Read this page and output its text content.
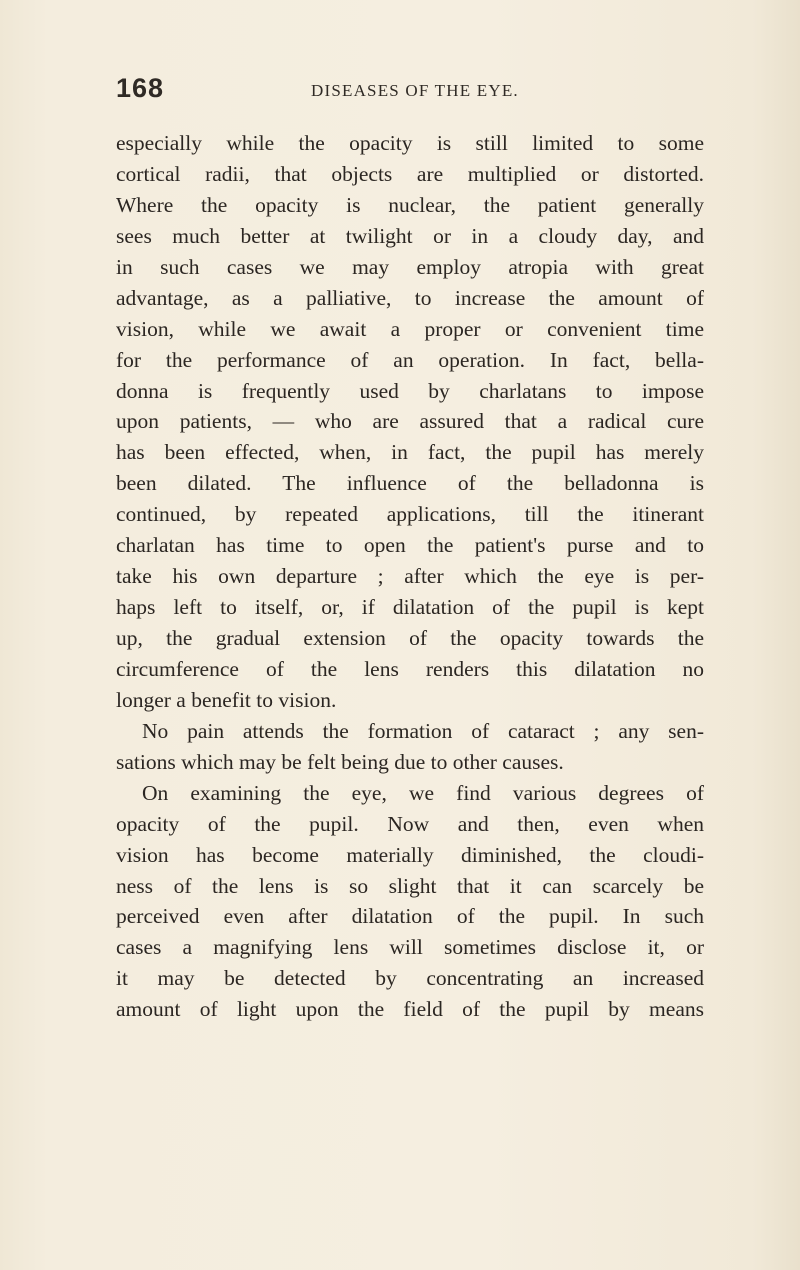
168	DISEASES OF THE EYE.
especially while the opacity is still limited to some
cortical radii, that objects are multiplied or distorted.
Where the opacity is nuclear, the patient generally
sees much better at twilight or in a cloudy day, and
in such cases we may employ atropia with great
advantage, as a palliative, to increase the amount of
vision, while we await a proper or convenient time
for the performance of an operation. In fact, bella-
donna is frequently used by charlatans to impose
upon patients, — who are assured that a radical cure
has been effected, when, in fact, the pupil has merely
been dilated. The influence of the belladonna is
continued, by repeated applications, till the itinerant
charlatan has time to open the patient's purse and to
take his own departure ; after which the eye is per-
haps left to itself, or, if dilatation of the pupil is kept
up, the gradual extension of the opacity towards the
circumference of the lens renders this dilatation no
longer a benefit to vision.
No pain attends the formation of cataract ; any sen-
sations which may be felt being due to other causes.
On examining the eye, we find various degrees of
opacity of the pupil. Now and then, even when
vision has become materially diminished, the cloudi-
ness of the lens is so slight that it can scarcely be
perceived even after dilatation of the pupil. In such
cases a magnifying lens will sometimes disclose it, or
it may be detected by concentrating an increased
amount of light upon the field of the pupil by means
